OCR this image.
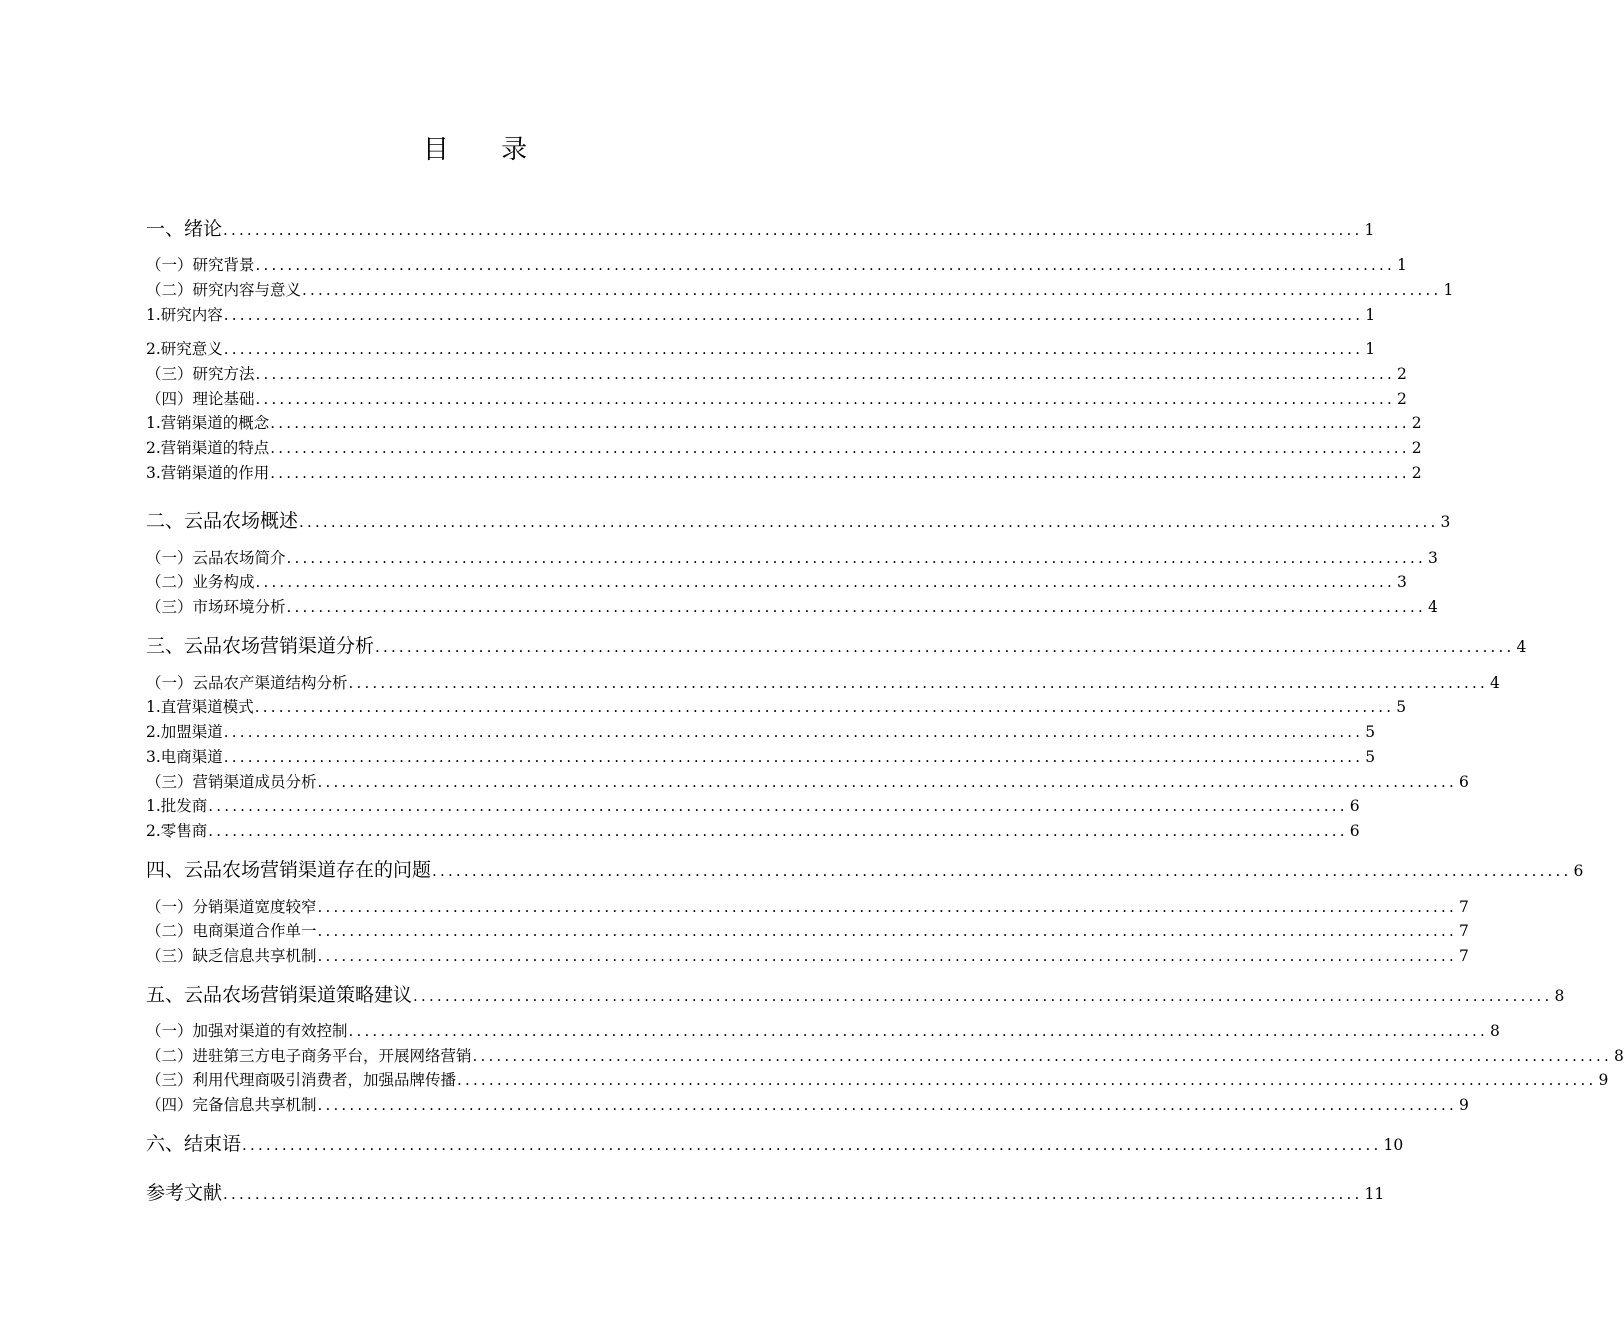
目 录
一、绪论 ............................................................................................................................................... 1
（一）研究背景 ............................................................................................................................................... 1
（二）研究内容与意义 ............................................................................................................................................... 1
1.研究内容 ............................................................................................................................................... 1
2.研究意义 ............................................................................................................................................... 1
（三）研究方法 ............................................................................................................................................... 2
（四）理论基础 ............................................................................................................................................... 2
1.营销渠道的概念 ............................................................................................................................................... 2
2.营销渠道的特点 ............................................................................................................................................... 2
3.营销渠道的作用 ............................................................................................................................................... 2
二、云品农场概述 ............................................................................................................................................... 3
（一）云品农场简介 ............................................................................................................................................... 3
（二）业务构成 ............................................................................................................................................... 3
（三）市场环境分析 ............................................................................................................................................... 4
三、云品农场营销渠道分析 ............................................................................................................................................... 4
（一）云品农产渠道结构分析 ............................................................................................................................................... 4
1.直营渠道模式 ............................................................................................................................................... 5
2.加盟渠道 ............................................................................................................................................... 5
3.电商渠道 ............................................................................................................................................... 5
（三）营销渠道成员分析 ............................................................................................................................................... 6
1.批发商 ............................................................................................................................................... 6
2.零售商 ............................................................................................................................................... 6
四、云品农场营销渠道存在的问题 ............................................................................................................................................... 6
（一）分销渠道宽度较窄 ............................................................................................................................................... 7
（二）电商渠道合作单一 ............................................................................................................................................... 7
（三）缺乏信息共享机制 ............................................................................................................................................... 7
五、云品农场营销渠道策略建议 ............................................................................................................................................... 8
（一）加强对渠道的有效控制 ............................................................................................................................................... 8
（二）进驻第三方电子商务平台，开展网络营销 ............................................................................................................................................... 8
（三）利用代理商吸引消费者，加强品牌传播 ............................................................................................................................................... 9
（四）完备信息共享机制 ............................................................................................................................................... 9
六、结束语 ............................................................................................................................................... 10
参考文献 ............................................................................................................................................... 11
